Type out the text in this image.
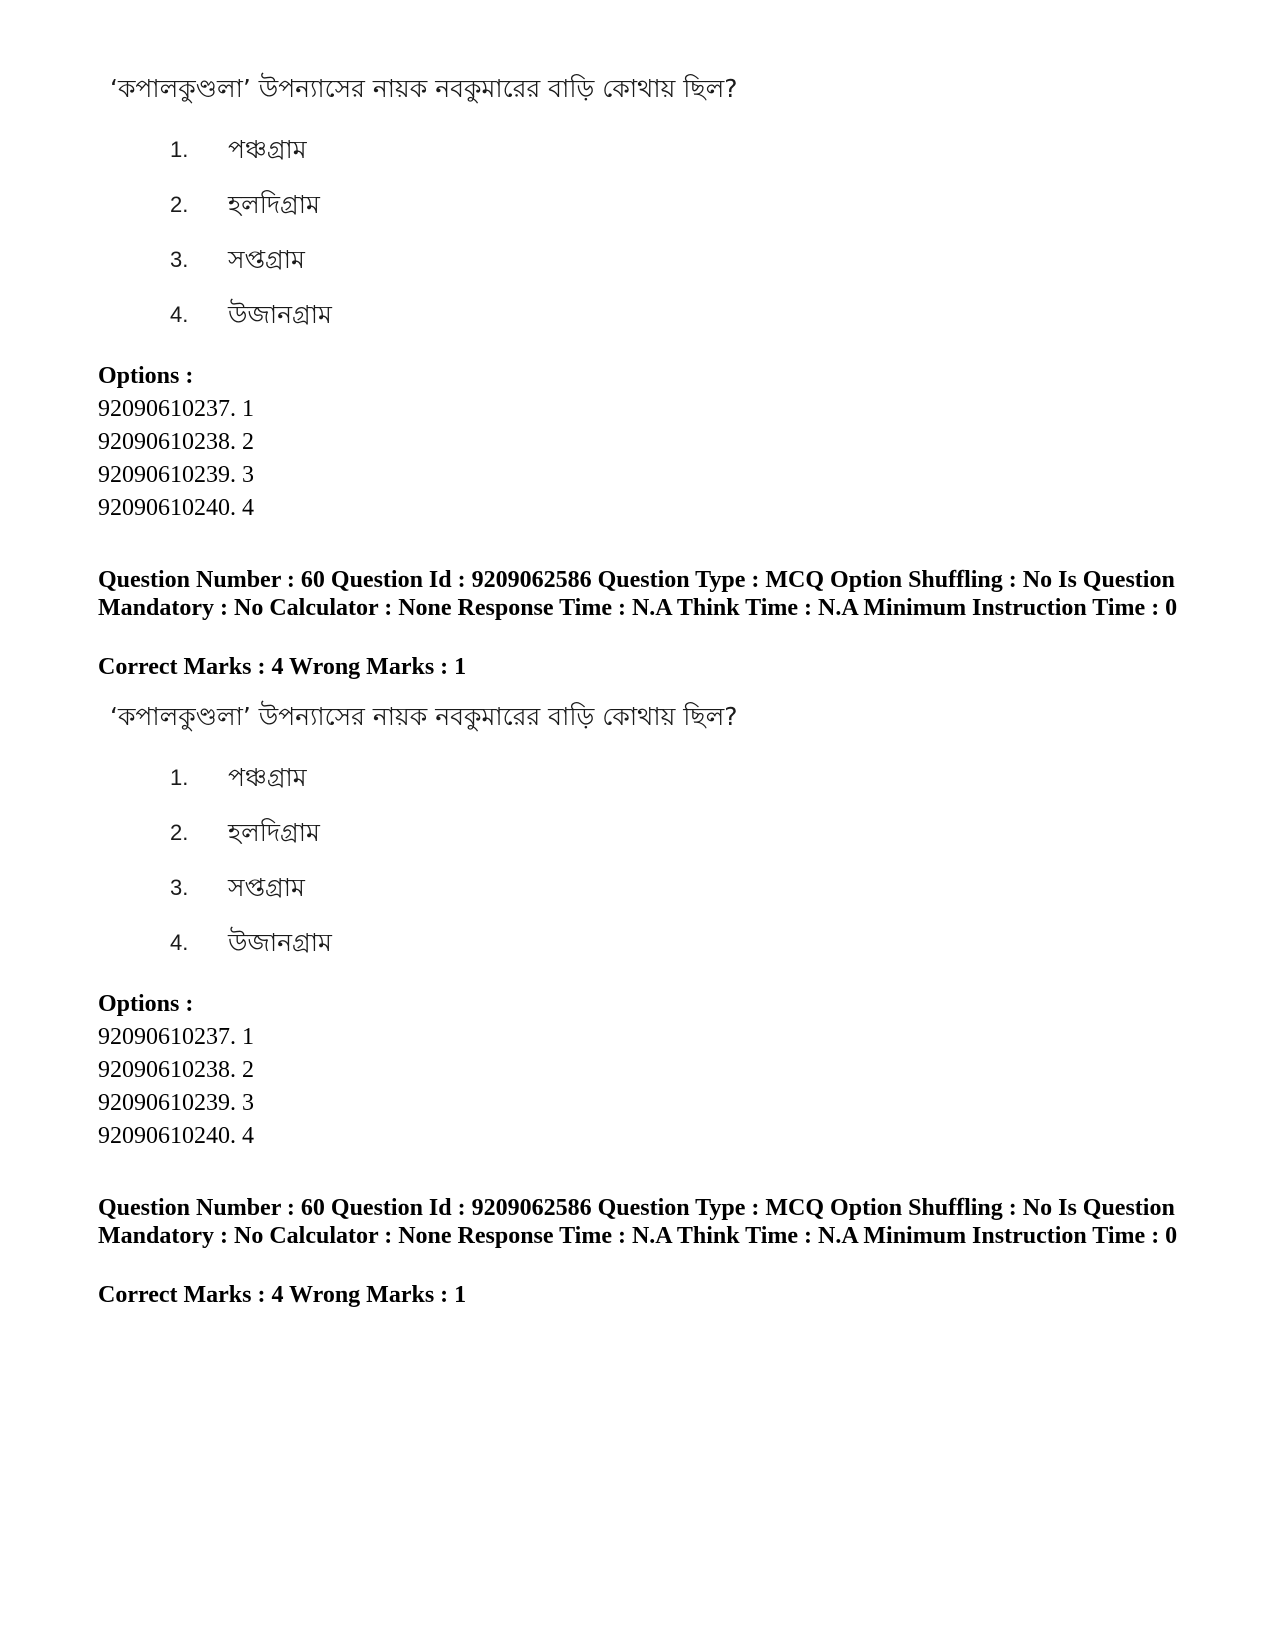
‘কপালকুণ্ডলা’ উপন্যাসের নায়ক নবকুমারের বাড়ি কোথায় ছিল?
1. পঞ্চগ্রাম
2. হলদিগ্রাম
3. সপ্তগ্রাম
4. উজানগ্রাম
Options :
92090610237. 1
92090610238. 2
92090610239. 3
92090610240. 4
Question Number : 60 Question Id : 9209062586 Question Type : MCQ Option Shuffling : No Is Question Mandatory : No Calculator : None Response Time : N.A Think Time : N.A Minimum Instruction Time : 0
Correct Marks : 4 Wrong Marks : 1
‘কপালকুণ্ডলা’ উপন্যাসের নায়ক নবকুমারের বাড়ি কোথায় ছিল?
1. পঞ্চগ্রাম
2. হলদিগ্রাম
3. সপ্তগ্রাম
4. উজানগ্রাম
Options :
92090610237. 1
92090610238. 2
92090610239. 3
92090610240. 4
Question Number : 60 Question Id : 9209062586 Question Type : MCQ Option Shuffling : No Is Question Mandatory : No Calculator : None Response Time : N.A Think Time : N.A Minimum Instruction Time : 0
Correct Marks : 4 Wrong Marks : 1
